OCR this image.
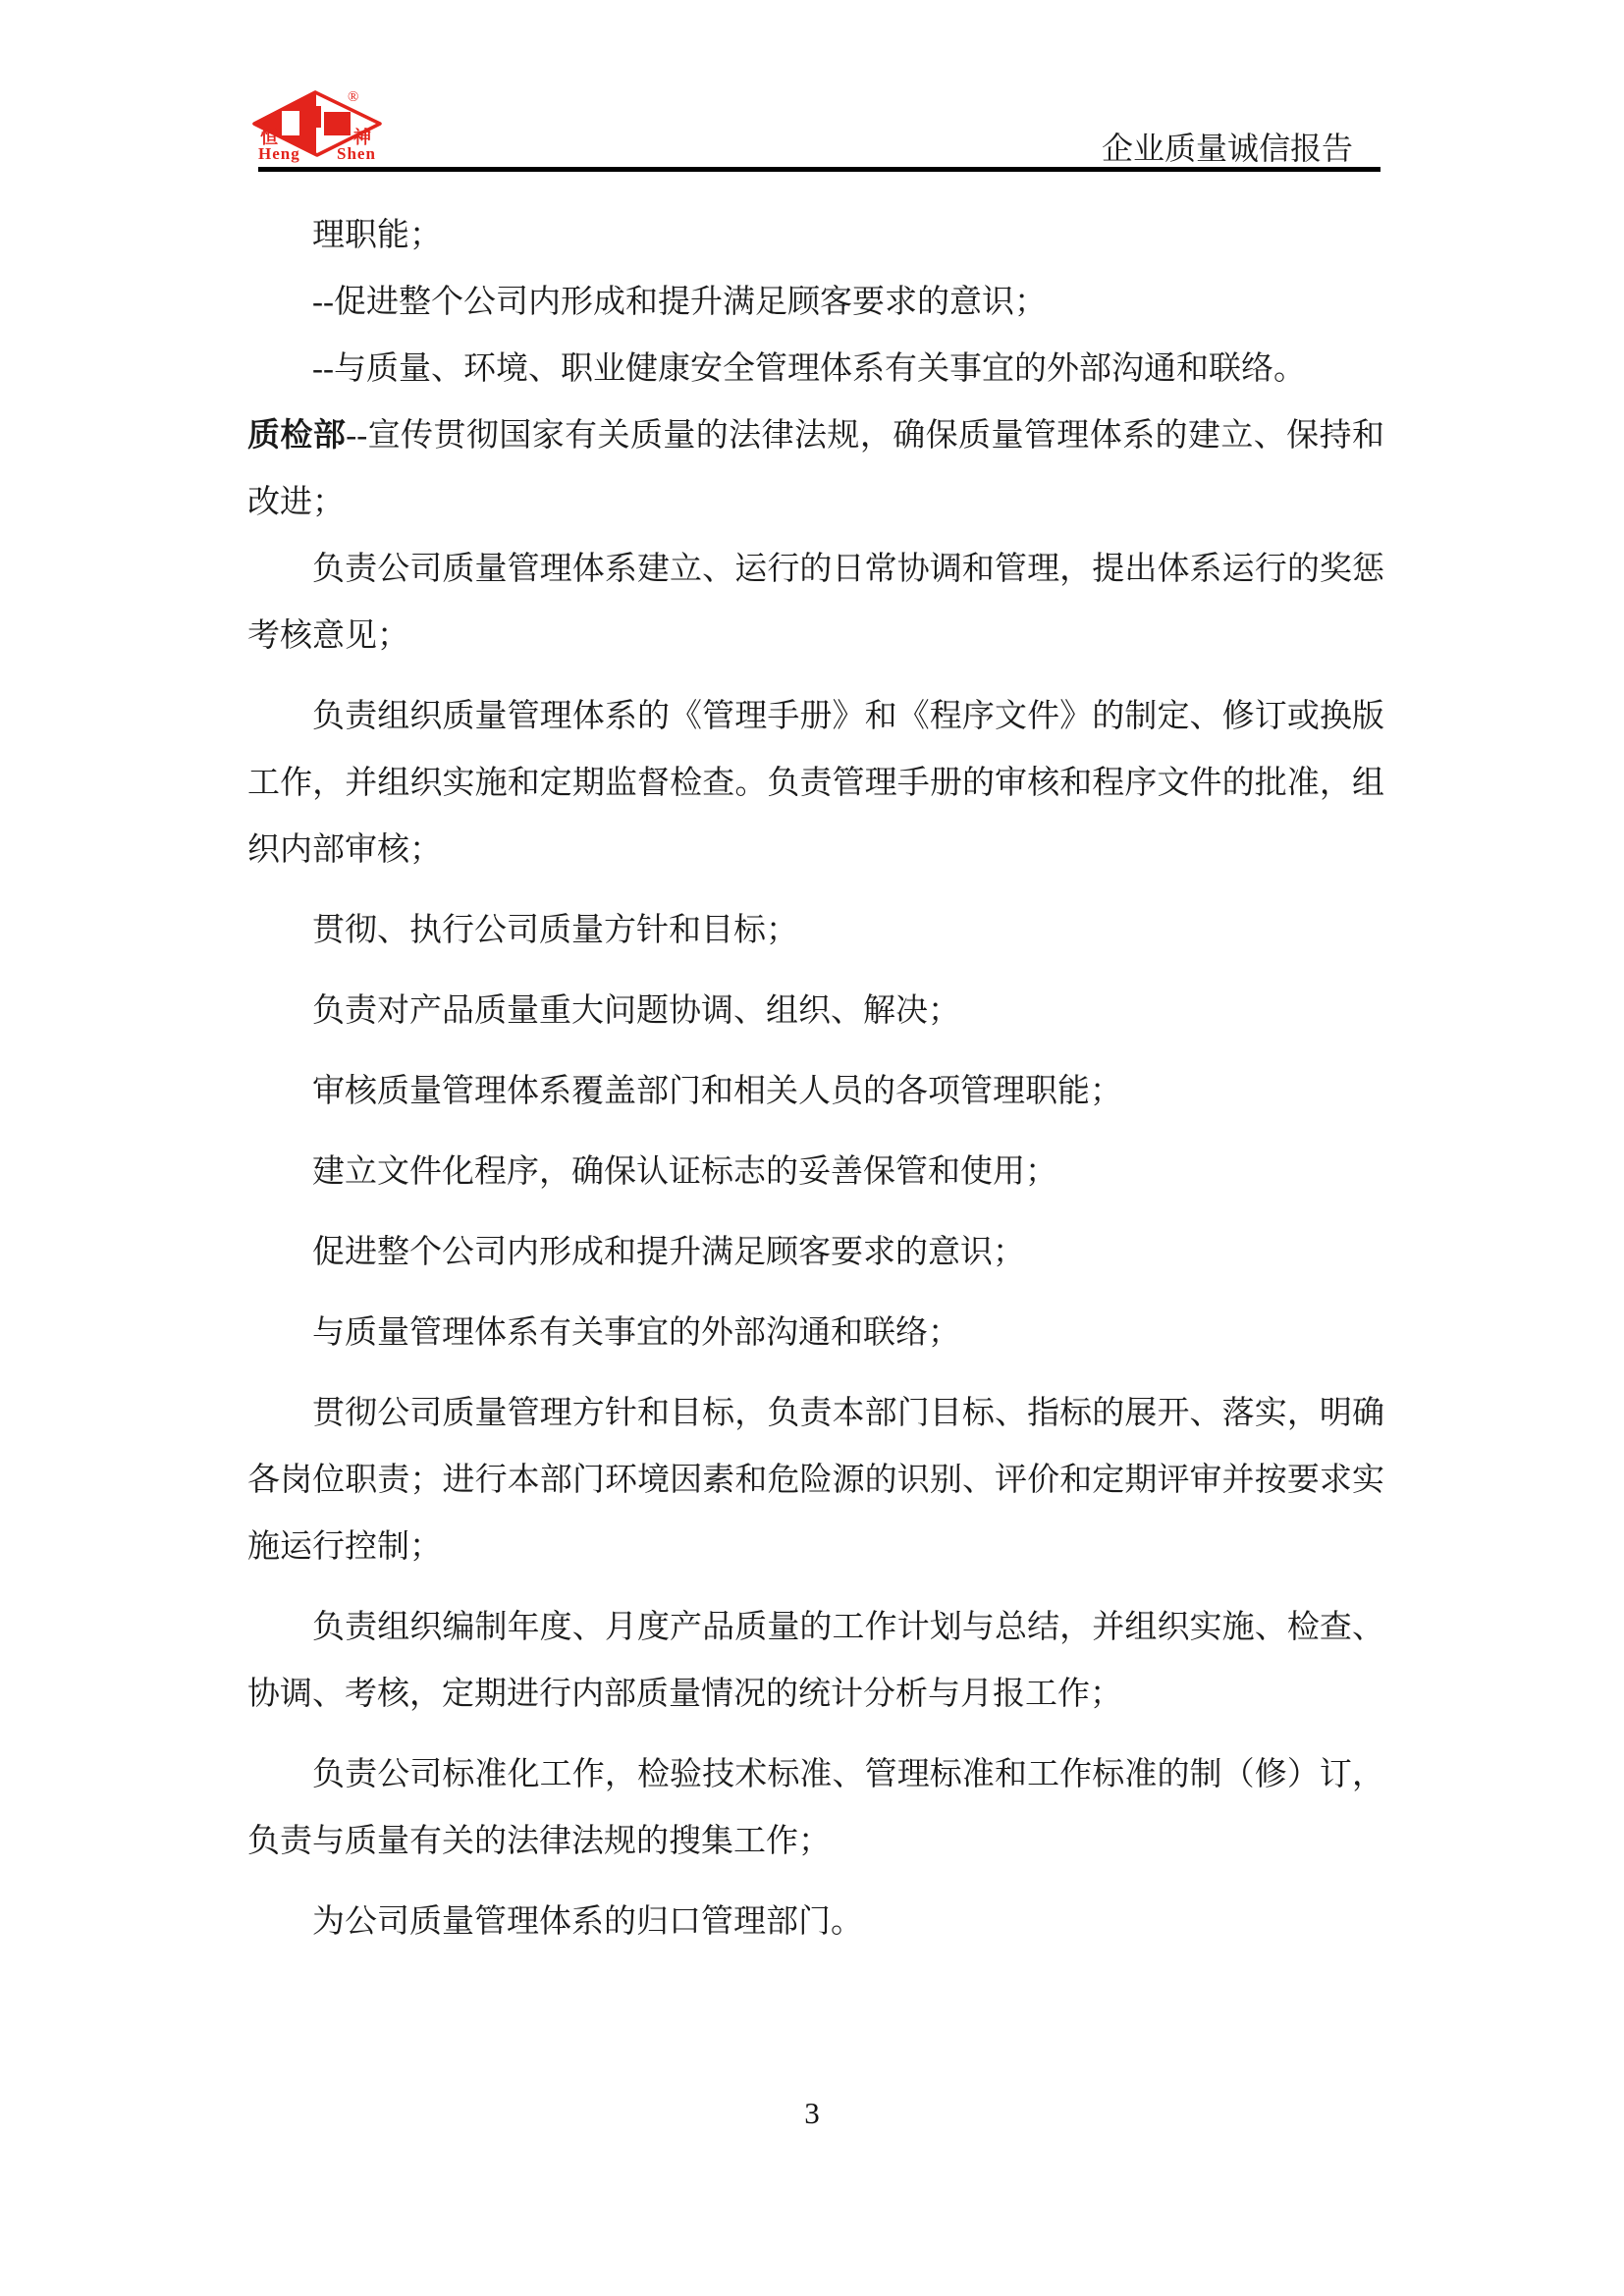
®
恒	神
Heng Shen	企业质量诚信报告
理职能；
--促进整个公司内形成和提升满足顾客要求的意识；
--与质量、环境、职业健康安全管理体系有关事宜的外部沟通和联络。
质检部--宣传贯彻国家有关质量的法律法规，确保质量管理体系的建立、保持和
改进；
负责公司质量管理体系建立、运行的日常协调和管理，提出体系运行的奖惩
考核意见；
负责组织质量管理体系的《管理手册》和《程序文件》的制定、修订或换版
工作，并组织实施和定期监督检查。负责管理手册的审核和程序文件的批准，组
织内部审核；
贯彻、执行公司质量方针和目标；
负责对产品质量重大问题协调、组织、解决；
审核质量管理体系覆盖部门和相关人员的各项管理职能；
建立文件化程序，确保认证标志的妥善保管和使用；
促进整个公司内形成和提升满足顾客要求的意识；
与质量管理体系有关事宜的外部沟通和联络；
贯彻公司质量管理方针和目标，负责本部门目标、指标的展开、落实，明确
各岗位职责；进行本部门环境因素和危险源的识别、评价和定期评审并按要求实
施运行控制；
负责组织编制年度、月度产品质量的工作计划与总结，并组织实施、检查、
协调、考核，定期进行内部质量情况的统计分析与月报工作；
负责公司标准化工作，检验技术标准、管理标准和工作标准的制（修）订，
负责与质量有关的法律法规的搜集工作；
为公司质量管理体系的归口管理部门。
3
